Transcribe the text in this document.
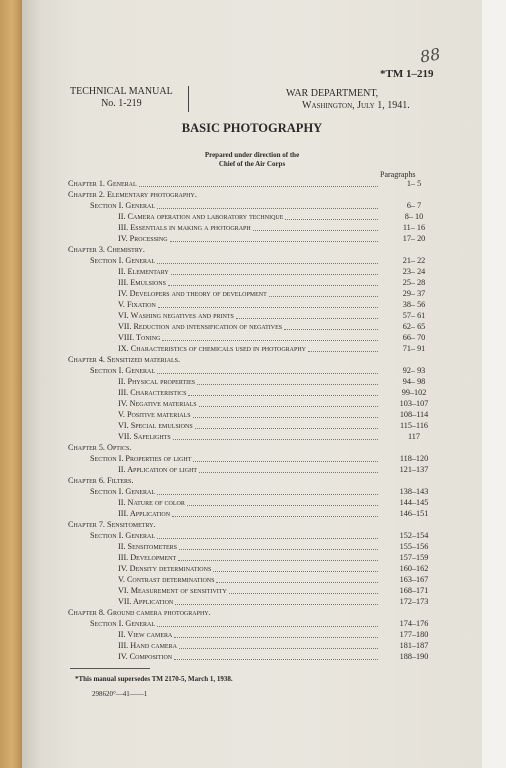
TECHNICAL MANUAL
No. 1-219
WAR DEPARTMENT,
Washington, July 1, 1941.
*TM 1–219
88
BASIC PHOTOGRAPHY
Prepared under direction of the
Chief of the Air Corps
Paragraphs
Chapter 1. General	1– 5
Chapter 2. Elementary photography.
Section I. General	6– 7
II. Camera operation and laboratory technique	8– 10
III. Essentials in making a photograph	11– 16
IV. Processing	17– 20
Chapter 3. Chemistry.
Section I. General	21– 22
II. Elementary	23– 24
III. Emulsions	25– 28
IV. Developers and theory of development	29– 37
V. Fixation	38– 56
VI. Washing negatives and prints	57– 61
VII. Reduction and intensification of negatives	62– 65
VIII. Toning	66– 70
IX. Characteristics of chemicals used in photography	71– 91
Chapter 4. Sensitized materials.
Section I. General	92– 93
II. Physical properties	94– 98
III. Characteristics	99–102
IV. Negative materials	103–107
V. Positive materials	108–114
VI. Special emulsions	115–116
VII. Safelights	117
Chapter 5. Optics.
Section I. Properties of light	118–120
II. Application of light	121–137
Chapter 6. Filters.
Section I. General	138–143
II. Nature of color	144–145
III. Application	146–151
Chapter 7. Sensitometry.
Section I. General	152–154
II. Sensitometers	155–156
III. Development	157–159
IV. Density determinations	160–162
V. Contrast determinations	163–167
VI. Measurement of sensitivity	168–171
VII. Application	172–173
Chapter 8. Ground camera photography.
Section I. General	174–176
II. View camera	177–180
III. Hand camera	181–187
IV. Composition	188–190
*This manual supersedes TM 2170-5, March 1, 1938.
298620°—41——1
